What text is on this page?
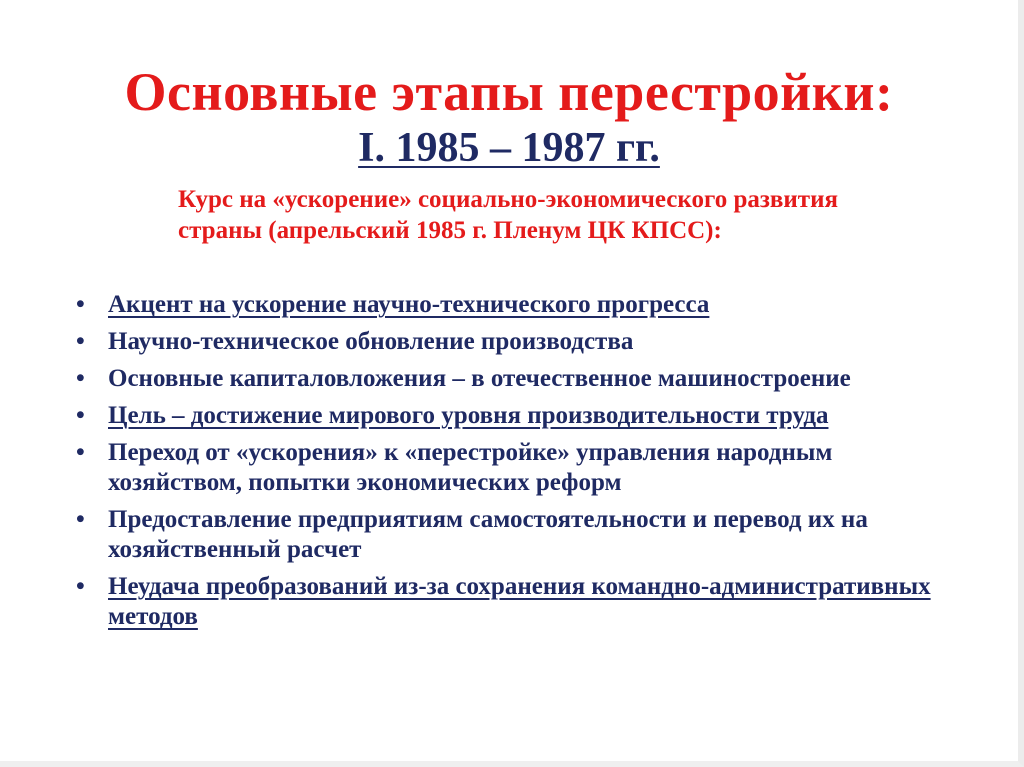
Основные этапы перестройки:
I. 1985 – 1987 гг.
Курс на «ускорение» социально-экономического развития
страны (апрельский 1985 г. Пленум ЦК КПСС):
• Акцент на ускорение научно-технического прогресса
• Научно-техническое обновление производства
• Основные капиталовложения – в отечественное машиностроение
• Цель – достижение мирового уровня производительности труда
• Переход от «ускорения» к «перестройке» управления народным хозяйством, попытки экономических реформ
• Предоставление предприятиям самостоятельности и перевод их на хозяйственный расчет
• Неудача преобразований из-за сохранения командно-административных методов
